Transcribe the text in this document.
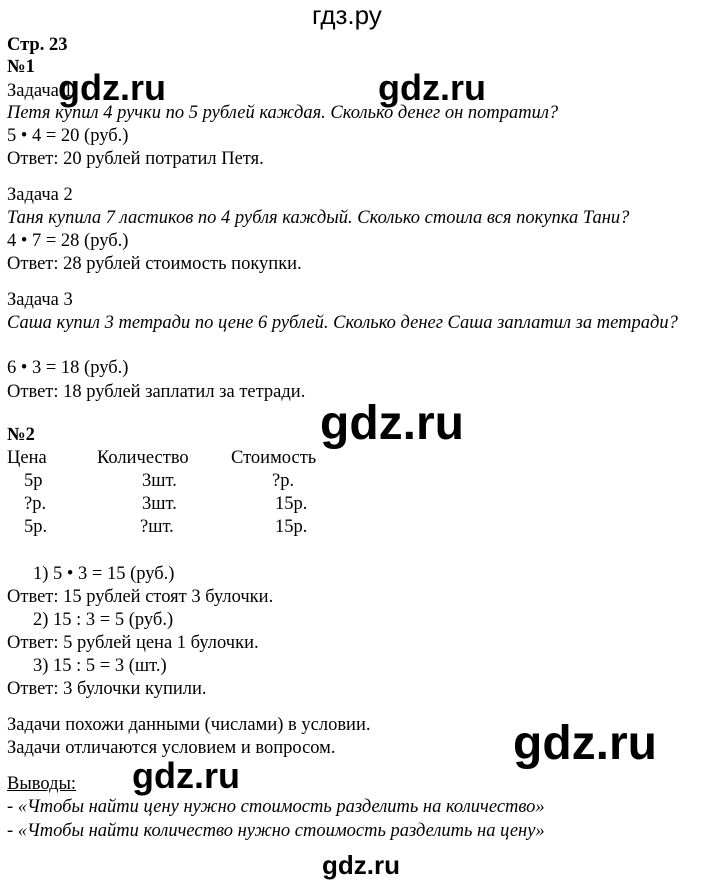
гдз.ру
Стр. 23
№1
Задача 1
Петя купил 4 ручки по 5 рублей каждая. Сколько денег он потратил?
5 • 4 = 20 (руб.)
Ответ: 20 рублей потратил Петя.
Задача 2
Таня купила 7 ластиков по 4 рубля каждый. Сколько стоила вся покупка Тани?
4 • 7 = 28 (руб.)
Ответ: 28 рублей стоимость покупки.
Задача 3
Саша купил 3 тетради по цене 6 рублей. Сколько денег Саша заплатил за тетради?
6 • 3 = 18 (руб.)
Ответ: 18 рублей заплатил за тетради.
№2
Цена	Количество Стоимость
5р	3шт.	?р.
?р.	3шт.	15р.
5р.	?шт.	15р.
1) 5 • 3 = 15 (руб.)
Ответ: 15 рублей стоят 3 булочки.
2) 15 : 3 = 5 (руб.)
Ответ: 5 рублей цена 1 булочки.
3) 15 : 5 = 3 (шт.)
Ответ: 3 булочки купили.
Задачи похожи данными (числами) в условии.
Задачи отличаются условием и вопросом.
Выводы:
- «Чтобы найти цену нужно стоимость разделить на количество»
- «Чтобы найти количество нужно стоимость разделить на цену»
gdz.ru	gdz.ru
gdz.ru
gdz.ru
gdz.ru
gdz.ru
